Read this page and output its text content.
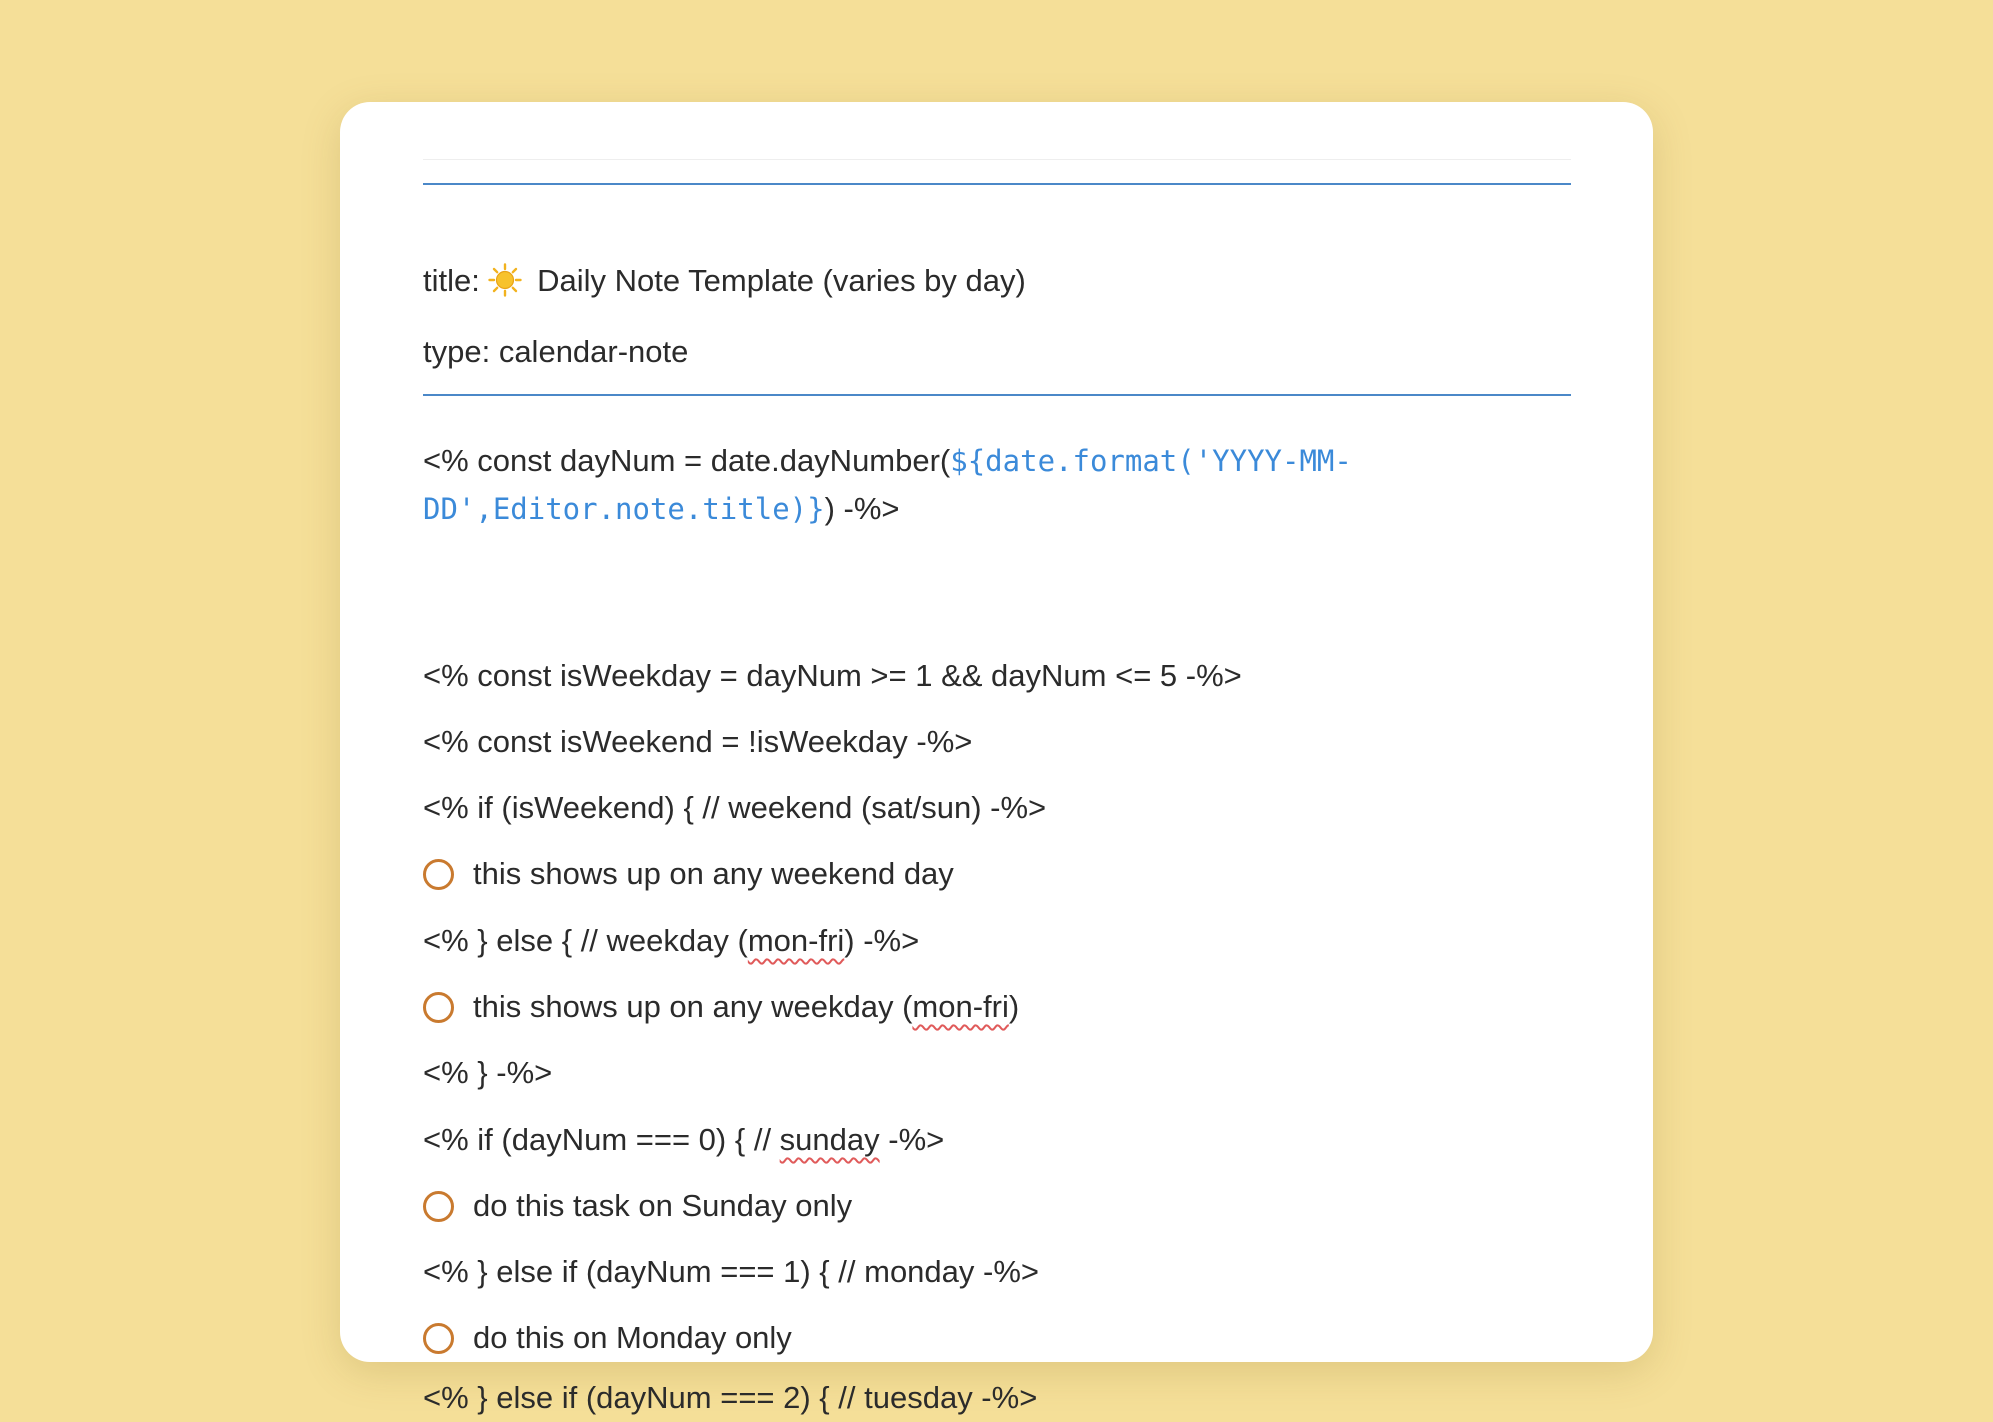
title: Daily Note Template (varies by day)
type: calendar-note
<% const dayNum = date.dayNumber(${date.format('YYYY-MM-DD',Editor.note.title)}) -%>
<% const isWeekday = dayNum >= 1 && dayNum <= 5 -%>
<% const isWeekend = !isWeekday -%>
<% if (isWeekend) { // weekend (sat/sun) -%>
this shows up on any weekend day
<% } else { // weekday (mon-fri) -%>
this shows up on any weekday (mon-fri)
<% } -%>
<% if (dayNum === 0) { // sunday -%>
do this task on Sunday only
<% } else if (dayNum === 1) { // monday -%>
do this on Monday only
<% } else if (dayNum === 2) { // tuesday -%>
